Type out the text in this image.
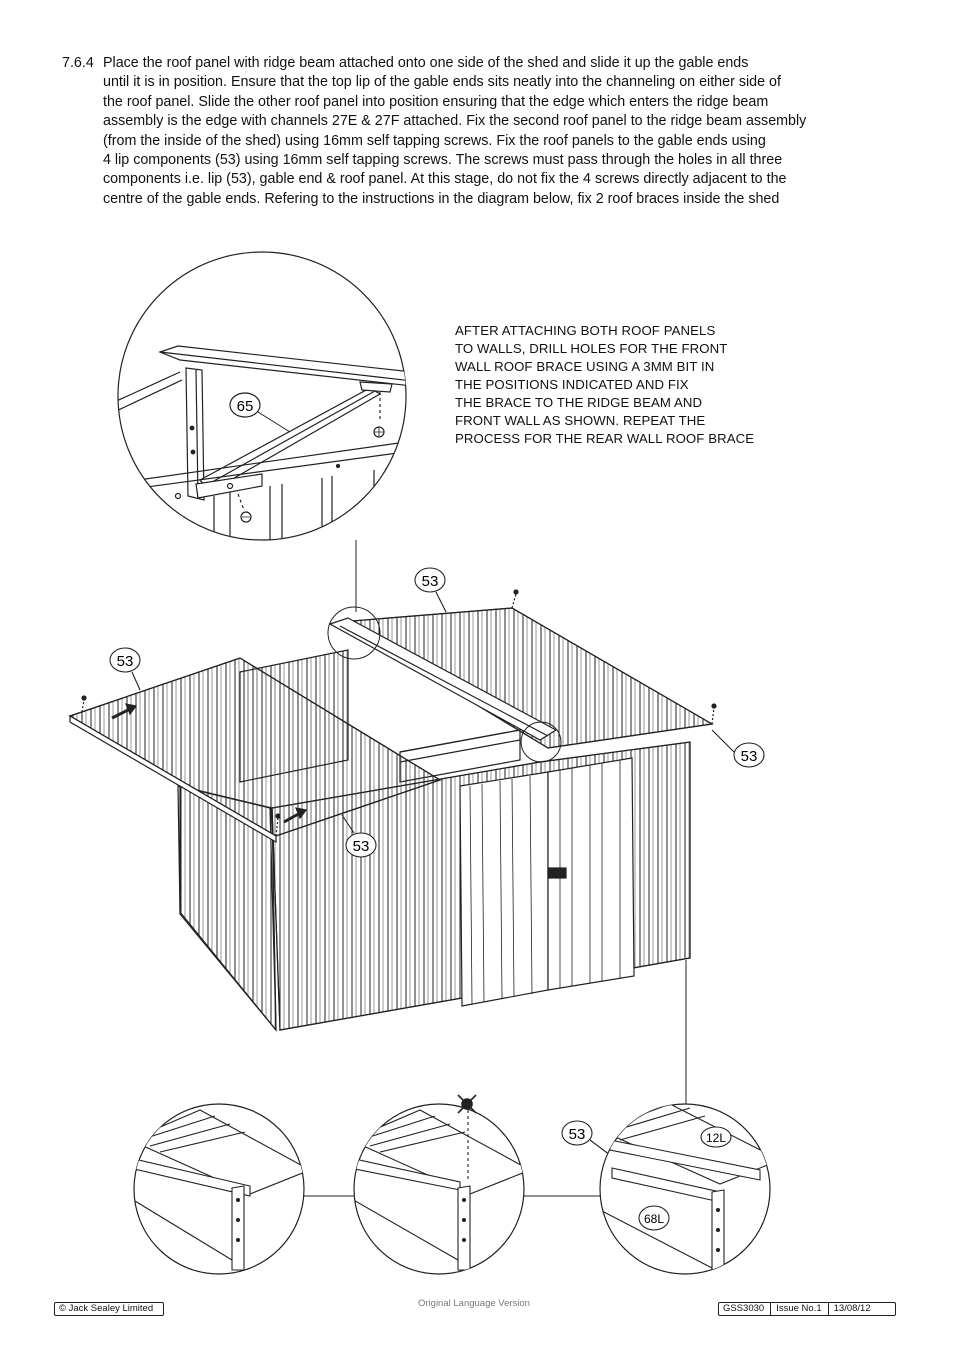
7.6.4 Place the roof panel with ridge beam attached onto one side of the shed and slide it up the gable ends
until it is in position. Ensure that the top lip of the gable ends sits neatly into the channeling on either side of
the roof panel. Slide the other roof panel into position ensuring that the edge which enters the ridge beam
assembly is the edge with channels 27E & 27F attached. Fix the second roof panel to the ridge beam assembly
(from the inside of the shed) using 16mm self tapping screws. Fix the roof panels to the gable ends using
4 lip components (53) using 16mm self tapping screws. The screws must pass through the holes in all three
components i.e. lip (53), gable end & roof panel. At this stage, do not fix the 4 screws directly adjacent to the
centre of the gable ends. Refering to the instructions in the diagram below, fix 2 roof braces inside the shed
65
53
53
53
53
53	12L
68L
AFTER ATTACHING BOTH ROOF PANELS
TO WALLS, DRILL HOLES FOR THE FRONT
WALL ROOF BRACE USING A 3MM BIT IN
THE POSITIONS INDICATED AND FIX
THE BRACE TO THE RIDGE BEAM AND
FRONT WALL AS SHOWN. REPEAT THE
PROCESS FOR THE REAR WALL ROOF BRACE
© Jack Sealey Limited	Original Language Version	GSS3030	Issue No.1	13/08/12
